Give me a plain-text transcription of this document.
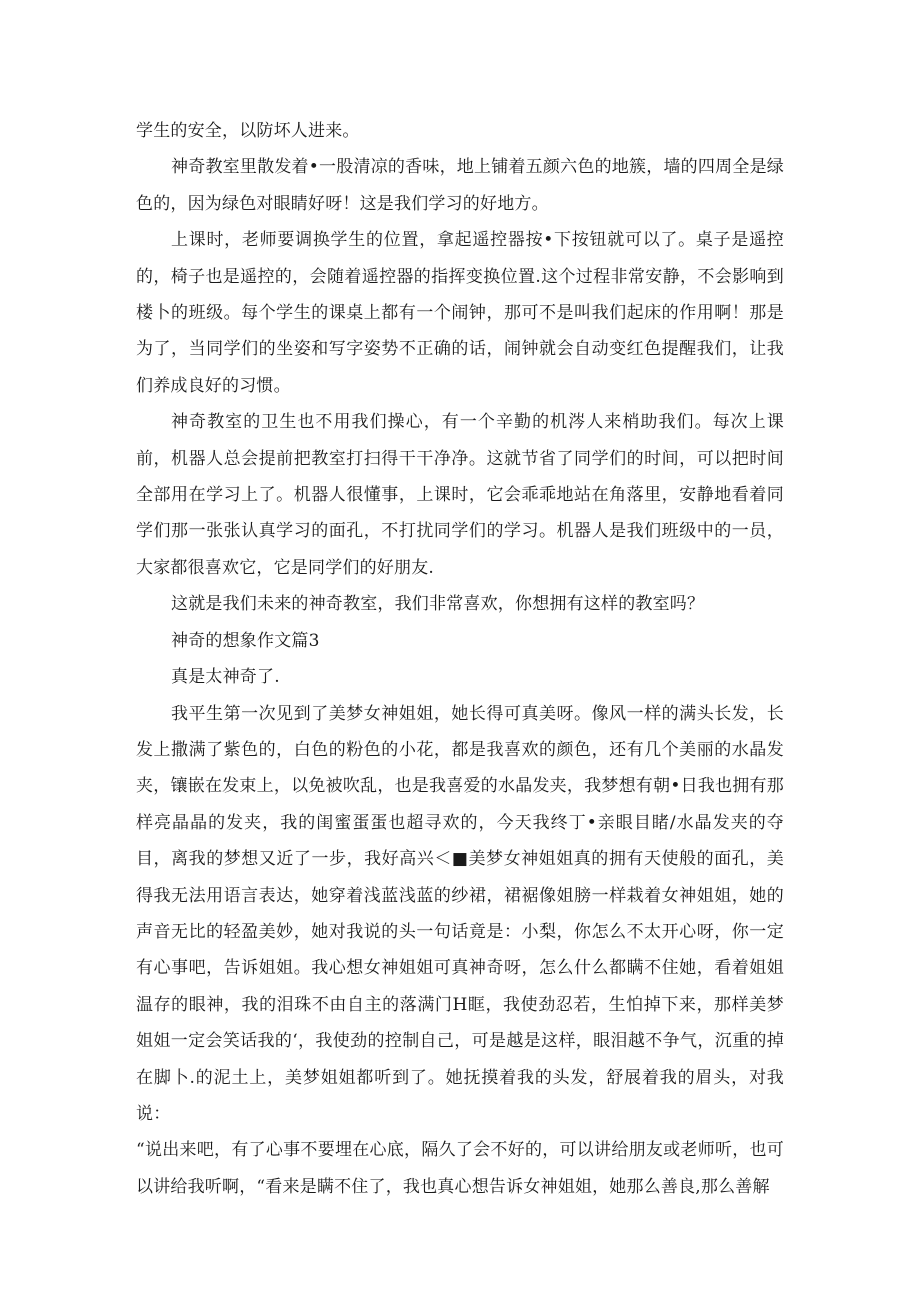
学生的安全，以防坏人进来。

神奇教室里散发着•一股清凉的香味，地上铺着五颜六色的地簇，墙的四周全是绿色的，因为绿色对眼睛好呀！这是我们学习的好地方。

上课时，老师要调换学生的位置，拿起遥控器按•下按钮就可以了。桌子是遥控的，椅子也是遥控的，会随着遥控器的指挥变换位置.这个过程非常安静，不会影响到楼卜的班级。每个学生的课桌上都有一个闹钟，那可不是叫我们起床的作用啊！那是为了，当同学们的坐姿和写字姿势不正确的话，闹钟就会自动变红色提醒我们，让我们养成良好的习惯。

神奇教室的卫生也不用我们操心，有一个辛勤的机涔人来梢助我们。每次上课前，机器人总会提前把教室打扫得干干净净。这就节省了同学们的时间，可以把时间全部用在学习上了。机器人很懂事，上课时，它会乖乖地站在角落里，安静地看着同学们那一张张认真学习的面孔，不打扰同学们的学习。机器人是我们班级中的一员，大家都很喜欢它，它是同学们的好朋友.

这就是我们未来的神奇教室，我们非常喜欢，你想拥有这样的教室吗？

神奇的想象作文篇3

真是太神奇了.

我平生第一次见到了美梦女神姐姐，她长得可真美呀。像风一样的满头长发，长发上撒满了紫色的，白色的粉色的小花，都是我喜欢的颜色，还有几个美丽的水晶发夹，镶嵌在发束上，以免被吹乱，也是我喜爱的水晶发夹，我梦想有朝•日我也拥有那样亮晶晶的发夹，我的闺蜜蛋蛋也超寻欢的，今天我终丁•亲眼目睹/水晶发夹的夺目，离我的梦想又近了一步，我好高兴＜■美梦女神姐姐真的拥有天使般的面孔，美得我无法用语言表达，她穿着浅蓝浅蓝的纱裙，裙裾像姐膀一样栽着女神姐姐，她的声音无比的轻盈美妙，她对我说的头一句话竟是：小梨，你怎么不太开心呀，你一定有心事吧，告诉姐姐。我心想女神姐姐可真神奇呀，怎么什么都瞒不住她，看着姐姐温存的眼神，我的泪珠不由自主的落满门H眶，我使劲忍若，生怕掉下来，那样美梦姐姐一定会笑话我的‘，我使劲的控制自己，可是越是这样，眼泪越不争气，沉重的掉在脚卜.的泥土上，美梦姐姐都听到了。她抚摸着我的头发，舒展着我的眉头，对我说：

“说出来吧，有了心事不要埋在心底，隔久了会不好的，可以讲给朋友或老师听，也可以讲给我听啊，“看来是瞒不住了，我也真心想告诉女神姐姐，她那么善良,那么善解
